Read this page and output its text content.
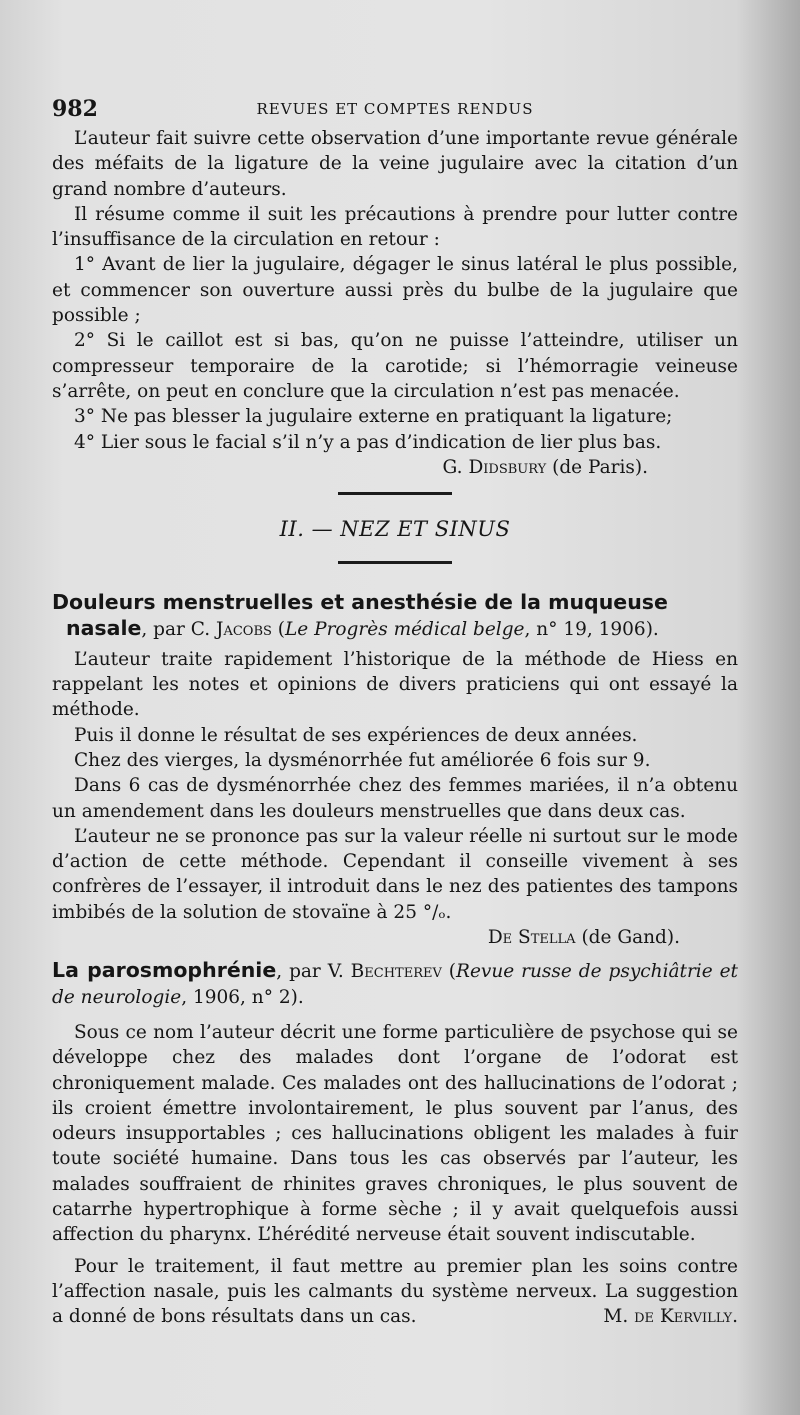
982	REVUES ET COMPTES RENDUS

L’auteur fait suivre cette observation d’une importante revue générale des méfaits de la ligature de la veine jugulaire avec la citation d’un grand nombre d’auteurs.

Il résume comme il suit les précautions à prendre pour lutter contre l’insuffisance de la circulation en retour :

1° Avant de lier la jugulaire, dégager le sinus latéral le plus possible, et commencer son ouverture aussi près du bulbe de la jugulaire que possible ;

2° Si le caillot est si bas, qu’on ne puisse l’atteindre, utiliser un compresseur temporaire de la carotide; si l’hémorragie veineuse s’arrête, on peut en conclure que la circulation n’est pas menacée.

3° Ne pas blesser la jugulaire externe en pratiquant la ligature;

4° Lier sous le facial s’il n’y a pas d’indication de lier plus bas.

G. Didsbury (de Paris).

II. — NEZ ET SINUS

Douleurs menstruelles et anesthésie de la muqueuse

nasale, par C. Jacobs (Le Progrès médical belge, n° 19, 1906).

L’auteur traite rapidement l’historique de la méthode de Hiess en rappelant les notes et opinions de divers praticiens qui ont essayé la méthode.

Puis il donne le résultat de ses expériences de deux années.

Chez des vierges, la dysménorrhée fut améliorée 6 fois sur 9.

Dans 6 cas de dysménorrhée chez des femmes mariées, il n’a obtenu un amendement dans les douleurs menstruelles que dans deux cas.

L’auteur ne se prononce pas sur la valeur réelle ni surtout sur le mode d’action de cette méthode. Cependant il conseille vivement à ses confrères de l’essayer, il introduit dans le nez des patientes des tampons imbibés de la solution de stovaïne à 25 °/ₒ.

De Stella (de Gand).

La parosmophrénie, par V. Bechterev (Revue russe de psychiâtrie et de neurologie, 1906, n° 2).

Sous ce nom l’auteur décrit une forme particulière de psychose qui se développe chez des malades dont l’organe de l’odorat est chroniquement malade. Ces malades ont des hallucinations de l’odorat ; ils croient émettre involontairement, le plus souvent par l’anus, des odeurs insupportables ; ces hallucinations obligent les malades à fuir toute société humaine. Dans tous les cas observés par l’auteur, les malades souffraient de rhinites graves chroniques, le plus souvent de catarrhe hypertrophique à forme sèche ; il y avait quelquefois aussi affection du pharynx. L’hérédité nerveuse était souvent indiscutable.

Pour le traitement, il faut mettre au premier plan les soins contre l’affection nasale, puis les calmants du système nerveux. La suggestion a donné de bons résultats dans un cas.	M. de Kervilly.
